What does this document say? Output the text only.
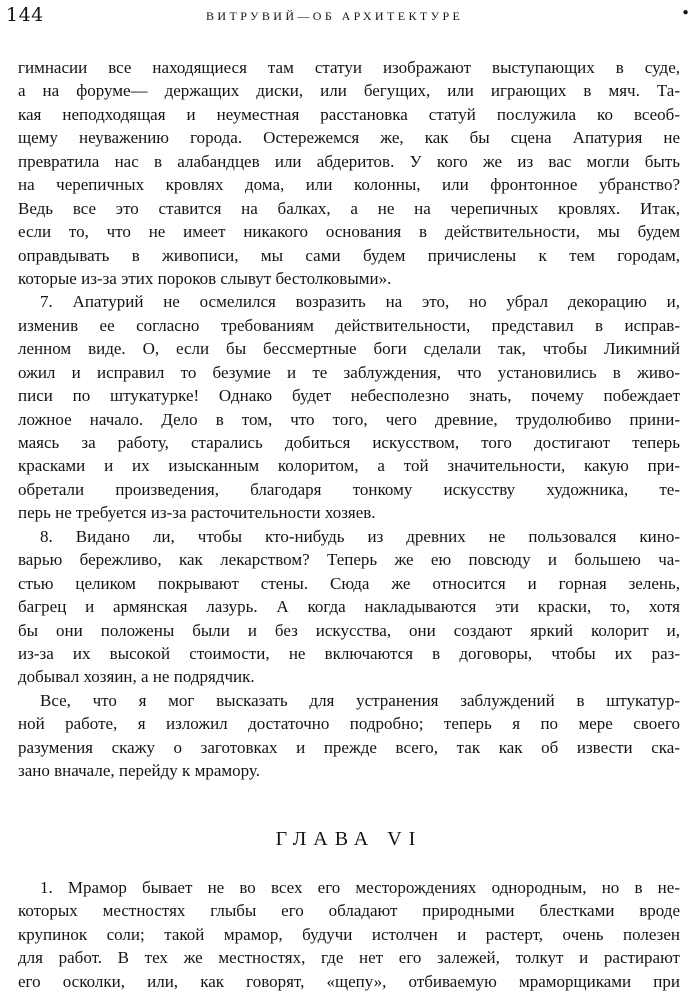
144	ВИТРУВИЙ—ОБ АРХИТЕКТУРЕ	•
гимнасии все находящиеся там статуи изображают выступающих в суде,
а на форуме— держащих диски, или бегущих, или играющих в мяч. Та-
кая неподходящая и неуместная расстановка статуй послужила ко всеоб-
щему неуважению города. Остережемся же, как бы сцена Апатурия не
превратила нас в алабандцев или абдеритов. У кого же из вас могли быть
на черепичных кровлях дома, или колонны, или фронтонное убранство?
Ведь все это ставится на балках, а не на черепичных кровлях. Итак,
если то, что не имеет никакого основания в действительности, мы будем
оправдывать в живописи, мы сами будем причислены к тем городам,
которые из-за этих пороков слывут бестолковыми».
7. Апатурий не осмелился возразить на это, но убрал декорацию и,
изменив ее согласно требованиям действительности, представил в исправ-
ленном виде. О, если бы бессмертные боги сделали так, чтобы Ликимний
ожил и исправил то безумие и те заблуждения, что установились в живо-
писи по штукатурке! Однако будет небесполезно знать, почему побеждает
ложное начало. Дело в том, что того, чего древние, трудолюбиво прини-
маясь за работу, старались добиться искусством, того достигают теперь
красками и их изысканным колоритом, а той значительности, какую при-
обретали произведения, благодаря тонкому искусству художника, те-
перь не требуется из-за расточительности хозяев.
8. Видано ли, чтобы кто-нибудь из древних не пользовался кино-
варью бережливо, как лекарством? Теперь же ею повсюду и большею ча-
стью целиком покрывают стены. Сюда же относится и горная зелень,
багрец и армянская лазурь. А когда накладываются эти краски, то, хотя
бы они положены были и без искусства, они создают яркий колорит и,
из-за их высокой стоимости, не включаются в договоры, чтобы их раз-
добывал хозяин, а не подрядчик.
Все, что я мог высказать для устранения заблуждений в штукатур-
ной работе, я изложил достаточно подробно; теперь я по мере своего
разумения скажу о заготовках и прежде всего, так как об извести ска-
зано вначале, перейду к мрамору.
ГЛАВА VI
1. Мрамор бывает не во всех его месторождениях однородным, но в не-
которых местностях глыбы его обладают природными блестками вроде
крупинок соли; такой мрамор, будучи истолчен и растерт, очень полезен
для работ. В тех же местностях, где нет его залежей, толкут и растирают
его осколки, или, как говорят, «щепу», отбиваемую мраморщиками при
